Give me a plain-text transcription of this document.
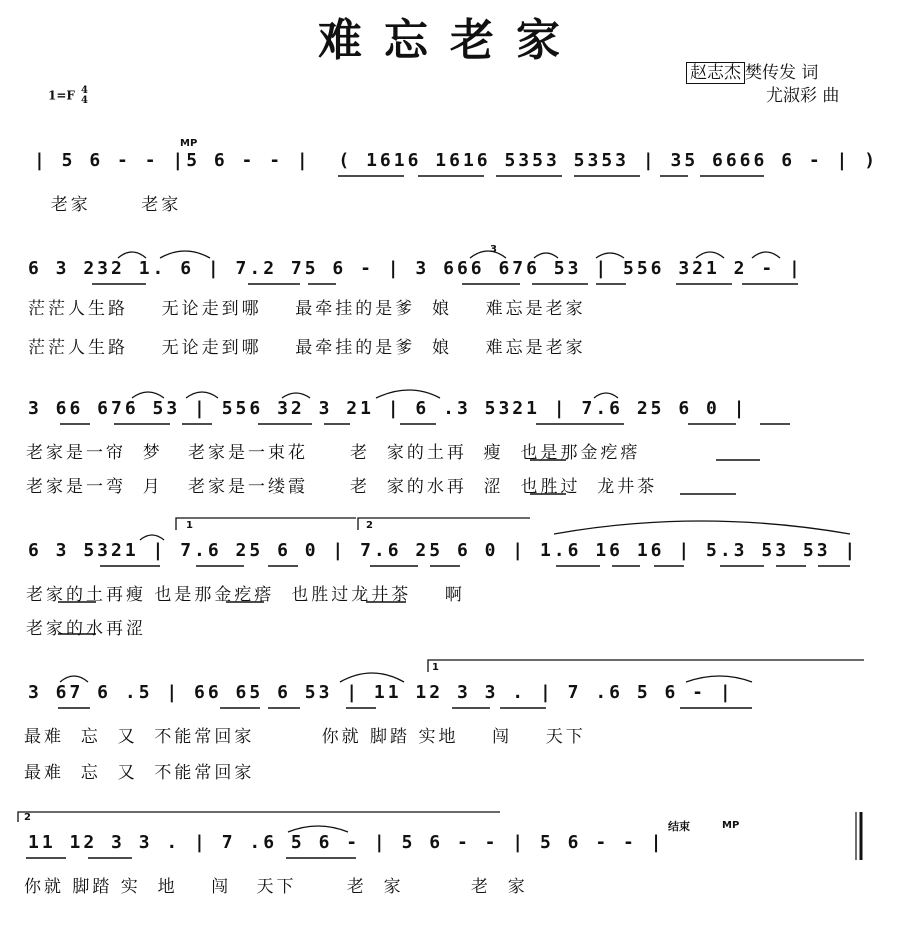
难忘老家
赵志杰 樊传发 词
尤淑彩 曲
1=F 4
4
| 5 6 - - |5 6 - - |  ( 1616 1616 5353 5353 | 35 6666 6 - | )
老家      老家
6 3 232 1. 6 | 7.2 75 6 - | 3 666 676 53 | 556 321 2 - |
茫茫人生路    无论走到哪    最牵挂的是爹  娘    难忘是老家
茫茫人生路    无论走到哪    最牵挂的是爹  娘    难忘是老家
3 66 676 53 | 556 32 3 21 | 6 .3 5321 | 7.6 25 6 0 |
老家是一帘  梦   老家是一束花     老  家的土再  瘦  也是那金疙瘩
老家是一弯  月   老家是一缕霞     老  家的水再  涩  也胜过  龙井茶
6 3 5321 | 7.6 25 6 0 | 7.6 25 6 0 | 1.6 16 16 | 5.3 53 53 |
老家的土再瘦 也是那金疙瘩  也胜过龙井茶    啊
老家的水再涩
3 67 6 .5 | 66 65 6 53 | 11 12 3 3 . | 7 .6 5 6 - |
最难  忘  又  不能常回家        你就 脚踏 实地    闯    天下
最难  忘  又  不能常回家
11 12 3 3 . | 7 .6 5 6 - | 5 6 - - | 5 6 - - |
你就 脚踏 实  地    闯   天下      老  家        老  家
MP
MP
3
1	2
1
2
结束
